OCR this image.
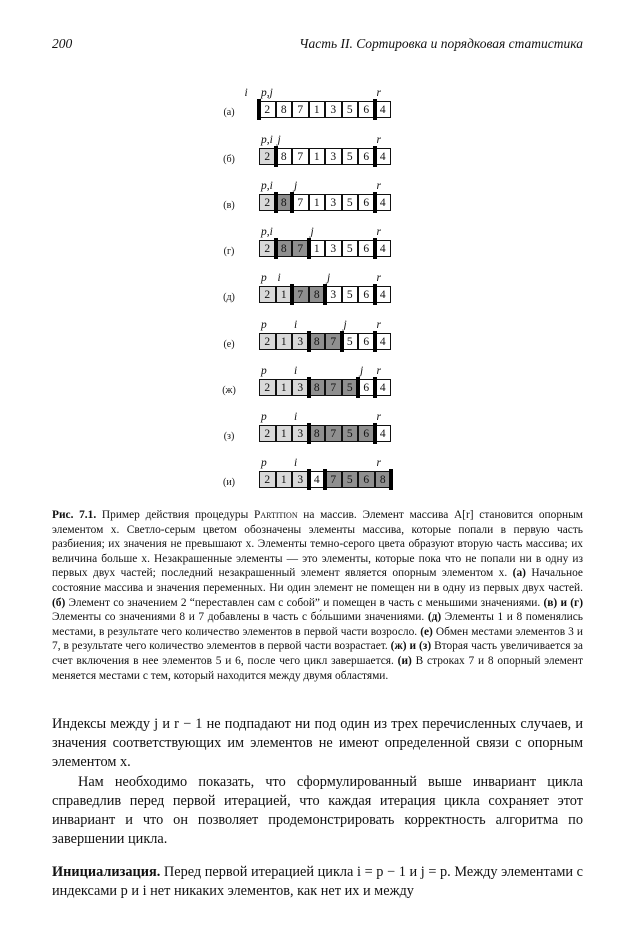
200	Часть II. Сортировка и порядковая статистика
(а)	2 8 7 1 3 5 6 4
i p,j	r
(б)	2 8 7 1 3 5 6 4
p,i j	r
(в)	2 8 7 1 3 5 6 4
p,i j	r
(г)	2 8 7 1 3 5 6 4
p,i	j	r
(д)	2 1 7 8 3 5 6 4
p i	j	r
(е)	2 1 3 8 7 5 6 4
p i	j	r
(ж)	2 1 3 8 7 5 6 4
p i	j r
(з)	2 1 3 8 7 5 6 4
p i	r
(и)	2 1 3 4 7 5 6 8
p i	r
Рис. 7.1. Пример действия процедуры Partition на массив. Элемент массива A[r] становится опорным элементом x. Светло-серым цветом обозначены элементы массива, которые попали в первую часть разбиения; их значения не превышают x. Элементы темно-серого цвета образуют вторую часть массива; их величина больше x. Незакрашенные элементы — это элементы, которые пока что не попали ни в одну из первых двух частей; последний незакрашенный элемент является опорным элементом x. (а) Начальное состояние массива и значения переменных. Ни один элемент не помещен ни в одну из первых двух частей. (б) Элемент со значением 2 “переставлен сам с собой” и помещен в часть с меньшими значениями. (в) и (г) Элементы со значениями 8 и 7 добавлены в часть с бо́льшими значениями. (д) Элементы 1 и 8 поменялись местами, в результате чего количество элементов в первой части возросло. (е) Обмен местами элементов 3 и 7, в результате чего количество элементов в первой части возрастает. (ж) и (з) Вторая часть увеличивается за счет включения в нее элементов 5 и 6, после чего цикл завершается. (и) В строках 7 и 8 опорный элемент меняется местами с тем, который находится между двумя областями.

Индексы между j и r − 1 не подпадают ни под один из трех перечисленных случаев, и значения соответствующих им элементов не имеют определенной связи с опорным элементом x.

Нам необходимо показать, что сформулированный выше инвариант цикла справедлив перед первой итерацией, что каждая итерация цикла сохраняет этот инвариант и что он позволяет продемонстрировать корректность алгоритма по завершении цикла.

Инициализация. Перед первой итерацией цикла i = p − 1 и j = p. Между элементами с индексами p и i нет никаких элементов, как нет их и между
